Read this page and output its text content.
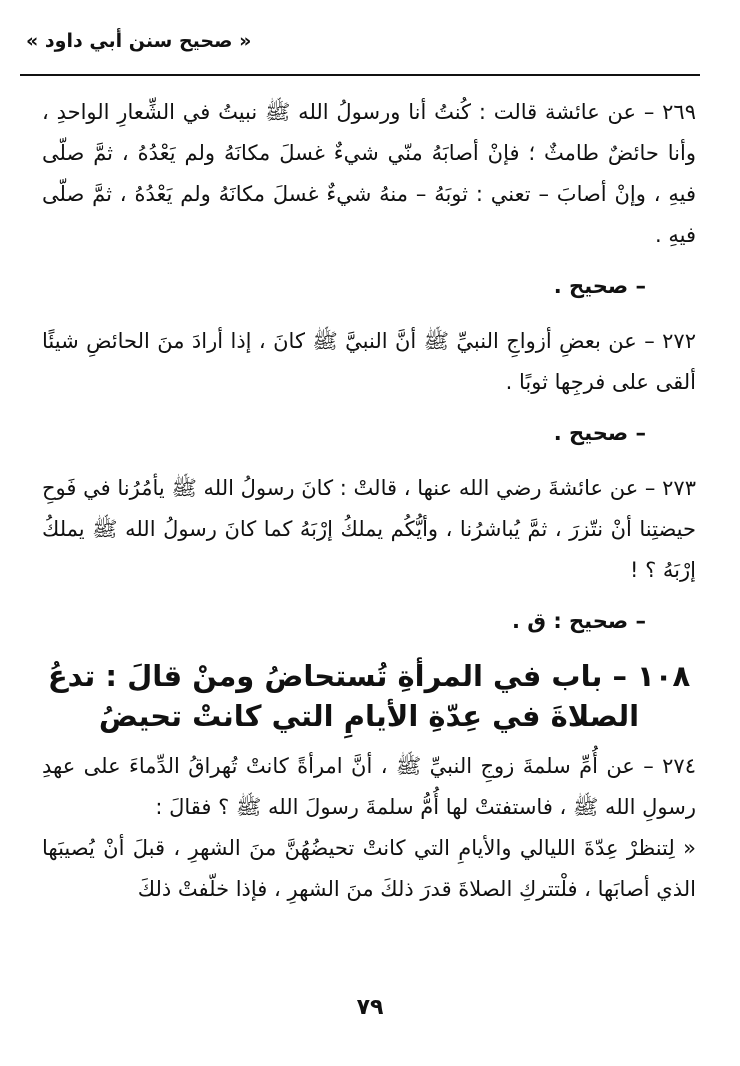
« صحيح سنن أبي داود »

٢٦٩ – عن عائشة قالت : كُنتُ أنا ورسولُ الله ﷺ نبيتُ في الشِّعارِ الواحدِ ، وأنا حائضٌ طامثٌ ؛ فإنْ أصابَهُ منّي شيءٌ غسلَ مكانَهُ ولم يَعْدُهُ ، ثمَّ صلّى فيهِ ، وإنْ أصابَ – تعني : ثوبَهُ – منهُ شيءٌ غسلَ مكانَهُ ولم يَعْدُهُ ، ثمَّ صلّى فيهِ .

– صحيح .

٢٧٢ – عن بعضِ أزواجِ النبيِّ ﷺ أنَّ النبيَّ ﷺ كانَ ، إذا أرادَ منَ الحائضِ شيئًا ألقى على فرجِها ثوبًا .

– صحيح .

٢٧٣ – عن عائشةَ رضي الله عنها ، قالتْ : كانَ رسولُ الله ﷺ يأمُرُنا في فَوحِ حيضتِنا أنْ نتّزرَ ، ثمَّ يُباشرُنا ، وأيُّكُم يملكُ إرْبَهُ كما كانَ رسولُ الله ﷺ يملكُ إرْبَهُ ؟ !

– صحيح : ق .

١٠٨ – باب في المرأةِ تُستحاضُ ومنْ قالَ : تدعُ الصلاةَ في عِدّةِ الأيامِ التي كانتْ تحيضُ

٢٧٤ – عن أُمِّ سلمةَ زوجِ النبيِّ ﷺ ، أنَّ امرأةً كانتْ تُهراقُ الدِّماءَ على عهدِ رسولِ الله ﷺ ، فاستفتتْ لها أُمُّ سلمةَ رسولَ الله ﷺ ؟ فقالَ :

« لِتنظرْ عِدّةَ الليالي والأيامِ التي كانتْ تحيضُهُنَّ منَ الشهرِ ، قبلَ أنْ يُصيبَها الذي أصابَها ، فلْتتركِ الصلاةَ قدرَ ذلكَ منَ الشهرِ ، فإذا خلّفتْ ذلكَ

٧٩
